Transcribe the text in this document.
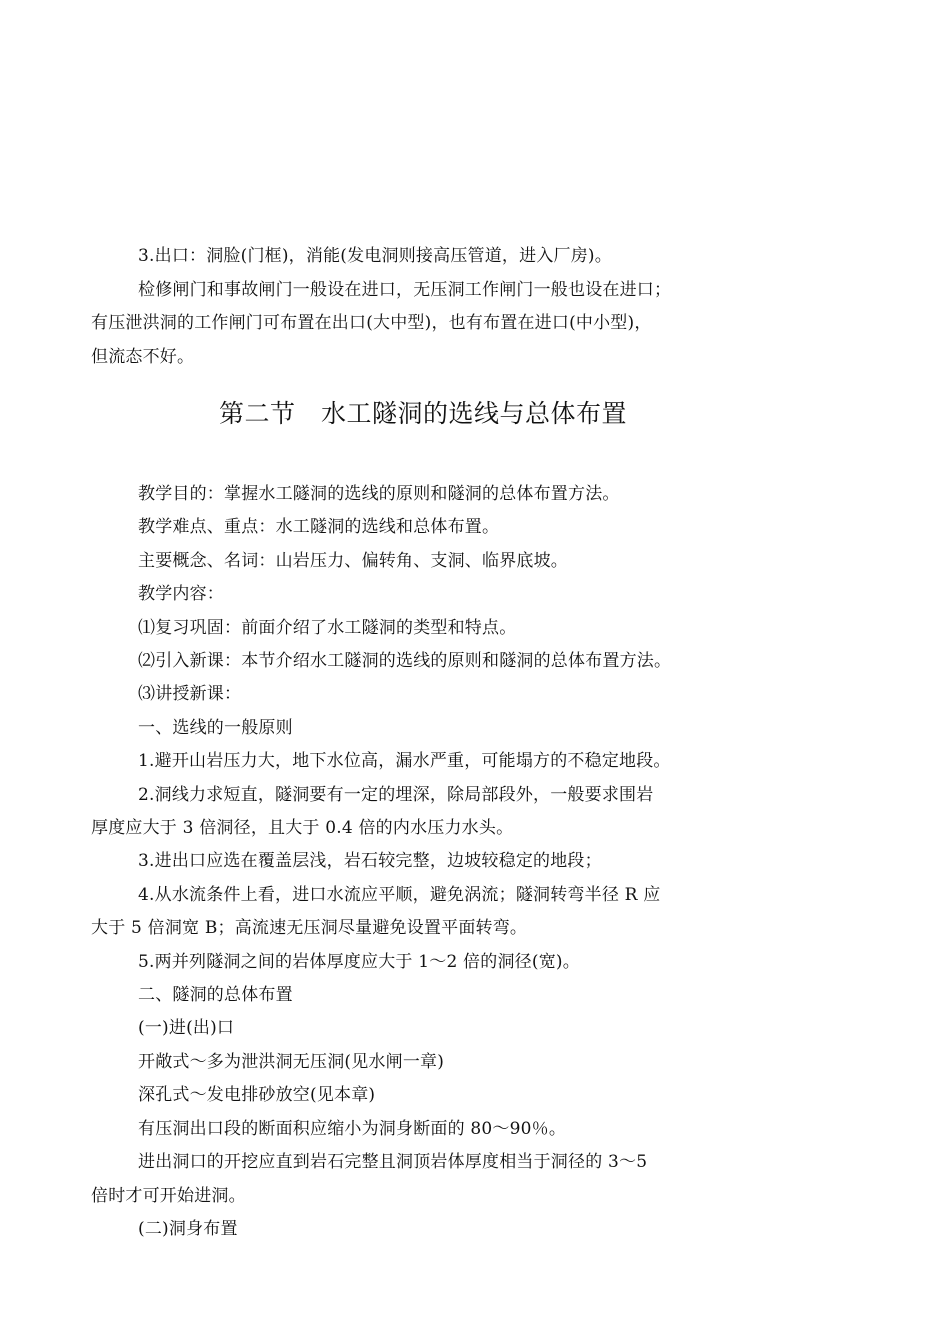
3.出口：洞脸(门框)，消能(发电洞则接高压管道，进入厂房)。
检修闸门和事故闸门一般设在进口，无压洞工作闸门一般也设在进口；
有压泄洪洞的工作闸门可布置在出口(大中型)，也有布置在进口(中小型)，
但流态不好。
第二节　水工隧洞的选线与总体布置
教学目的：掌握水工隧洞的选线的原则和隧洞的总体布置方法。
教学难点、重点：水工隧洞的选线和总体布置。
主要概念、名词：山岩压力、偏转角、支洞、临界底坡。
教学内容：
⑴复习巩固：前面介绍了水工隧洞的类型和特点。
⑵引入新课：本节介绍水工隧洞的选线的原则和隧洞的总体布置方法。
⑶讲授新课：
一、选线的一般原则
1.避开山岩压力大，地下水位高，漏水严重，可能塌方的不稳定地段。
2.洞线力求短直，隧洞要有一定的埋深，除局部段外，一般要求围岩
厚度应大于 3 倍洞径，且大于 0.4 倍的内水压力水头。
3.进出口应选在覆盖层浅，岩石较完整，边坡较稳定的地段；
4.从水流条件上看，进口水流应平顺，避免涡流；隧洞转弯半径 R 应
大于 5 倍洞宽 B；高流速无压洞尽量避免设置平面转弯。
5.两并列隧洞之间的岩体厚度应大于 1～2 倍的洞径(宽)。
二、隧洞的总体布置
(一)进(出)口
开敞式～多为泄洪洞无压洞(见水闸一章)
深孔式～发电排砂放空(见本章)
有压洞出口段的断面积应缩小为洞身断面的 80～90％。
进出洞口的开挖应直到岩石完整且洞顶岩体厚度相当于洞径的 3～5
倍时才可开始进洞。
(二)洞身布置
